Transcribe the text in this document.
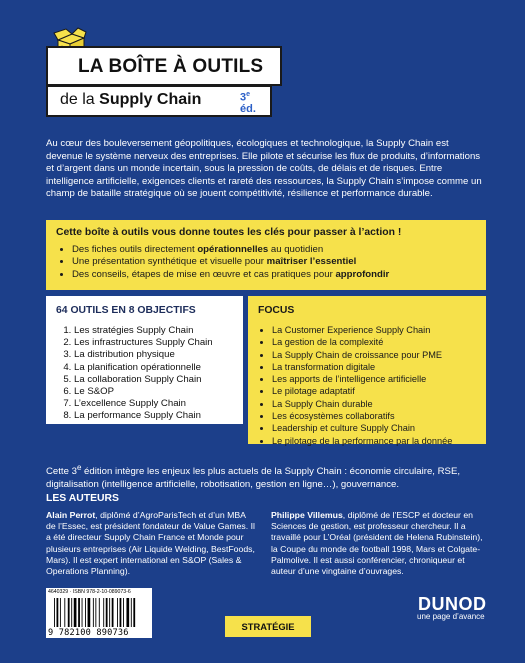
LA BOÎTE À OUTILS
de la Supply Chain	3e
éd.

Au cœur des bouleversement géopolitiques, écologiques et technologique, la Supply Chain est devenue le système nerveux des entreprises. Elle pilote et sécurise les flux de produits, d’informations et d’argent dans un monde incertain, sous la pression de coûts, de délais et de risques. Entre intelligence artificielle, exigences clients et rareté des ressources, la Supply Chain s’impose comme un champ de bataille stratégique où se jouent compétitivité, résilience et performance durable.

Cette boîte à outils vous donne toutes les clés pour passer à l’action !
• Des fiches outils directement opérationnelles au quotidien
• Une présentation synthétique et visuelle pour maîtriser l’essentiel
• Des conseils, étapes de mise en œuvre et cas pratiques pour approfondir
64 OUTILS EN 8 OBJECTIFS
1. Les stratégies Supply Chain
2. Les infrastructures Supply Chain
3. La distribution physique
4. La planification opérationnelle
5. La collaboration Supply Chain
6. Le S&OP
7. L’excellence Supply Chain
8. La performance Supply Chain
FOCUS
• La Customer Experience Supply Chain
• La gestion de la complexité
• La Supply Chain de croissance pour PME
• La transformation digitale
• Les apports de l’intelligence artificielle
• Le pilotage adaptatif
• La Supply Chain durable
• Les écosystèmes collaboratifs
• Leadership et culture Supply Chain
• Le pilotage de la performance par la donnée

Cette 3e édition intègre les enjeux les plus actuels de la Supply Chain : économie circulaire, RSE, digitalisation (intelligence artificielle, robotisation, gestion en ligne…), gouvernance.

LES AUTEURS

Alain Perrot, diplômé d’AgroParisTech et d’un MBA de l’Essec, est président fondateur de Value Games. Il a été directeur Supply Chain France et Monde pour plusieurs entreprises (Air Liquide Welding, BestFoods, Mars). Il est expert international en S&OP (Sales & Operations Planning).

Philippe Villemus, diplômé de l’ESCP et docteur en Sciences de gestion, est professeur chercheur. Il a travaillé pour L’Oréal (président de Helena Rubinstein), la Coupe du monde de football 1998, Mars et Colgate-Palmolive. Il est aussi conférencier, chroniqueur et auteur d’une vingtaine d’ouvrages.

4640329 · ISBN 978-2-10-089073-6
9 782100 890736
STRATÉGIE
DUNOD
une page d’avance
